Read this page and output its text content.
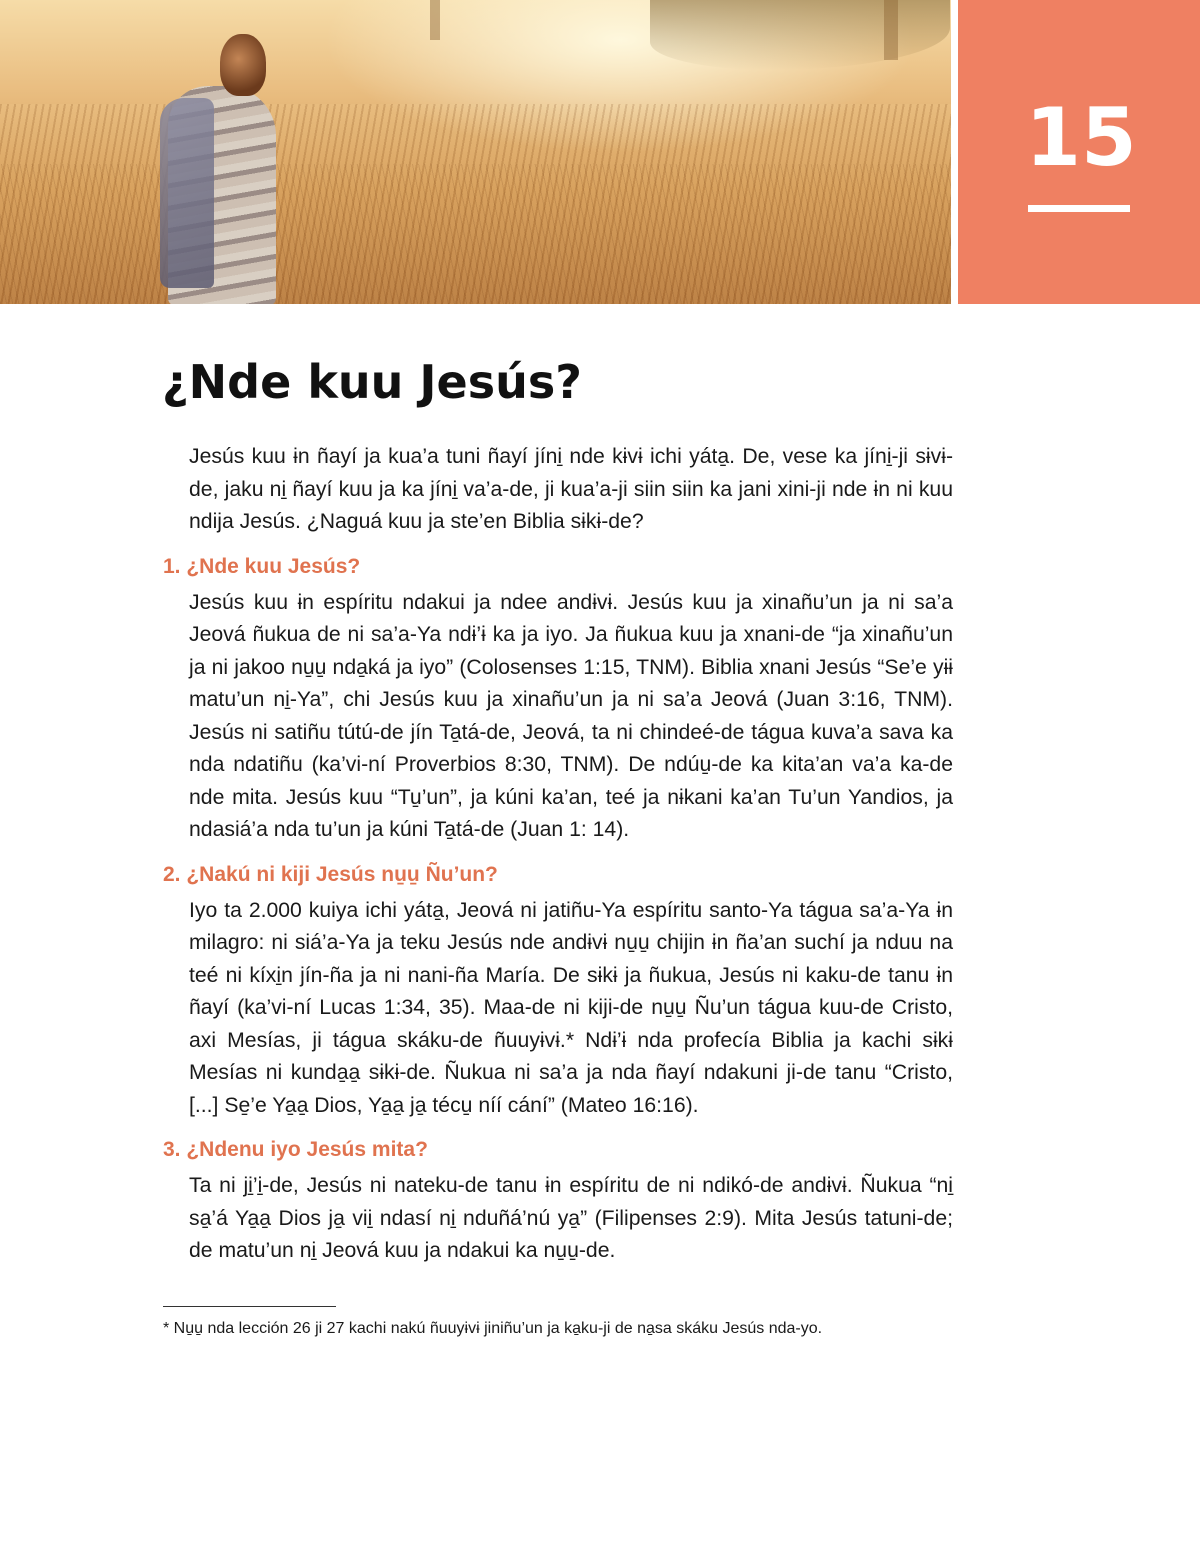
15
¿Nde kuu Jesús?

Jesús kuu ɨn ñayí ja kua’a tuni ñayí jíni̱ nde kɨvɨ ichi yáta̱. De, vese ka jíni̱-ji sɨvɨ-de, jaku ni̱ ñayí kuu ja ka jíni̱ va’a-de, ji kua’a-ji siin siin ka jani xini-ji nde ɨn ni kuu ndija Jesús. ¿Naguá kuu ja ste’en Biblia sɨkɨ-de?

1. ¿Nde kuu Jesús?

Jesús kuu ɨn espíritu ndakui ja ndee andɨvɨ. Jesús kuu ja xinañu’un ja ni sa’a Jeová ñukua de ni sa’a-Ya ndɨ’ɨ ka ja iyo. Ja ñukua kuu ja xnani-de “ja xinañu’un ja ni jakoo nu̱u̱ nda̱ká ja iyo” (Colosenses 1:15, TNM). Biblia xnani Jesús “Se’e yɨɨ matu’un ni̱-Ya”, chi Jesús kuu ja xinañu’un ja ni sa’a Jeová (Juan 3:16, TNM). Jesús ni satiñu tútú-de jín Ta̱tá-de, Jeová, ta ni chindeé-de tágua kuva’a sava ka nda ndatiñu (ka’vi-ní Proverbios 8:30, TNM). De ndúu̱-de ka kita’an va’a ka-de nde mita. Jesús kuu “Tu̱’un”, ja kúni ka’an, teé ja nɨkani ka’an Tu’un Yandios, ja ndasiá’a nda tu’un ja kúni Ta̱tá-de (Juan 1: 14).

2. ¿Nakú ni kiji Jesús nu̱u̱ Ñu’un?

Iyo ta 2.000 kuiya ichi yáta̱, Jeová ni jatiñu-Ya espíritu santo-Ya tágua sa’a-Ya ɨn milagro: ni siá’a-Ya ja teku Jesús nde andɨvɨ nu̱u̱ chijin ɨn ña’an suchí ja nduu na teé ni kíxi̱n jín-ña ja ni nani-ña María. De sɨkɨ ja ñukua, Jesús ni kaku-de tanu ɨn ñayí (ka’vi-ní Lucas 1:34, 35). Maa-de ni kiji-de nu̱u̱ Ñu’un tágua kuu-de Cristo, axi Mesías, ji tágua skáku-de ñuuyɨvɨ.* Ndɨ’ɨ nda profecía Biblia ja kachi sɨkɨ Mesías ni kunda̱a̱ sɨkɨ-de. Ñukua ni sa’a ja nda ñayí ndakuni ji-de tanu “Cristo, [...] Se̱’e Ya̱a̱ Dios, Ya̱a̱ ja̱ técu̱ níí cání” (Mateo 16:16).

3. ¿Ndenu iyo Jesús mita?

Ta ni ji̱’i̱-de, Jesús ni nateku-de tanu ɨn espíritu de ni ndikó-de andɨvɨ. Ñukua “ni̱ sa̱’á Ya̱a̱ Dios ja̱ vii̱ ndasí ni̱ nduñá’nú ya̱” (Filipenses 2:9). Mita Jesús tatuni-de; de matu’un ni̱ Jeová kuu ja ndakui ka nu̱u̱-de.

* Nu̱u̱ nda lección 26 ji 27 kachi nakú ñuuyɨvɨ jiniñu’un ja ka̱ku-ji de na̱sa skáku Jesús nda-yo.
